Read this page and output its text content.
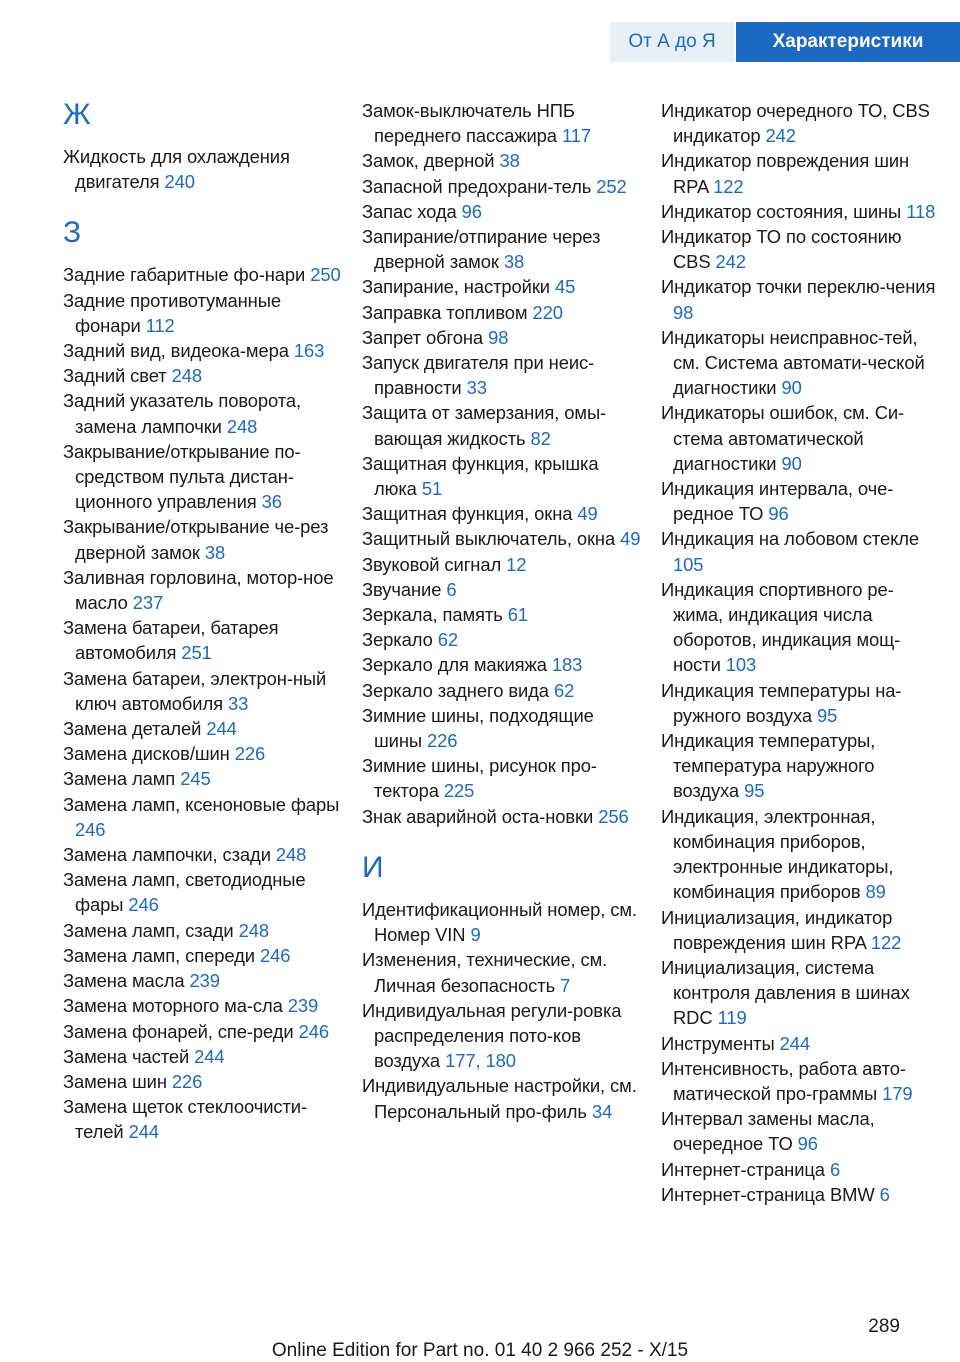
От А до Я	Характеристики
Ж
Жидкость для охлаждения двигателя 240
З
Задние габаритные фо-нари 250
Задние противотуманные фонари 112
Задний вид, видеока-мера 163
Задний свет 248
Задний указатель поворота, замена лампочки 248
Закрывание/открывание по-средством пульта дистан-ционного управления 36
Закрывание/открывание че-рез дверной замок 38
Заливная горловина, мотор-ное масло 237
Замена батареи, батарея автомобиля 251
Замена батареи, электрон-ный ключ автомобиля 33
Замена деталей 244
Замена дисков/шин 226
Замена ламп 245
Замена ламп, ксеноновые фары 246
Замена лампочки, сзади 248
Замена ламп, светодиодные фары 246
Замена ламп, сзади 248
Замена ламп, спереди 246
Замена масла 239
Замена моторного ма-сла 239
Замена фонарей, спе-реди 246
Замена частей 244
Замена шин 226
Замена щеток стеклоочисти-телей 244
Замок-выключатель НПБ переднего пассажира 117
Замок, дверной 38
Запасной предохрани-тель 252
Запас хода 96
Запирание/отпирание через дверной замок 38
Запирание, настройки 45
Заправка топливом 220
Запрет обгона 98
Запуск двигателя при неис-правности 33
Защита от замерзания, омы-вающая жидкость 82
Защитная функция, крышка люка 51
Защитная функция, окна 49
Защитный выключатель, окна 49
Звуковой сигнал 12
Звучание 6
Зеркала, память 61
Зеркало 62
Зеркало для макияжа 183
Зеркало заднего вида 62
Зимние шины, подходящие шины 226
Зимние шины, рисунок про-тектора 225
Знак аварийной оста-новки 256
И
Идентификационный номер, см. Номер VIN 9
Изменения, технические, см. Личная безопасность 7
Индивидуальная регули-ровка распределения пото-ков воздуха 177, 180
Индивидуальные настройки, см. Персональный про-филь 34
Индикатор очередного ТО, CBS индикатор 242
Индикатор повреждения шин RPA 122
Индикатор состояния, шины 118
Индикатор ТО по состоянию CBS 242
Индикатор точки переклю-чения 98
Индикаторы неисправнос-тей, см. Система автомати-ческой диагностики 90
Индикаторы ошибок, см. Си-стема автоматической диагностики 90
Индикация интервала, оче-редное ТО 96
Индикация на лобовом стекле 105
Индикация спортивного ре-жима, индикация числа оборотов, индикация мощ-ности 103
Индикация температуры на-ружного воздуха 95
Индикация температуры, температура наружного воздуха 95
Индикация, электронная, комбинация приборов, электронные индикаторы, комбинация приборов 89
Инициализация, индикатор повреждения шин RPA 122
Инициализация, система контроля давления в шинах RDC 119
Инструменты 244
Интенсивность, работа авто-матической про-граммы 179
Интервал замены масла, очередное ТО 96
Интернет-страница 6
Интернет-страница BMW 6
289
Online Edition for Part no. 01 40 2 966 252 - X/15
